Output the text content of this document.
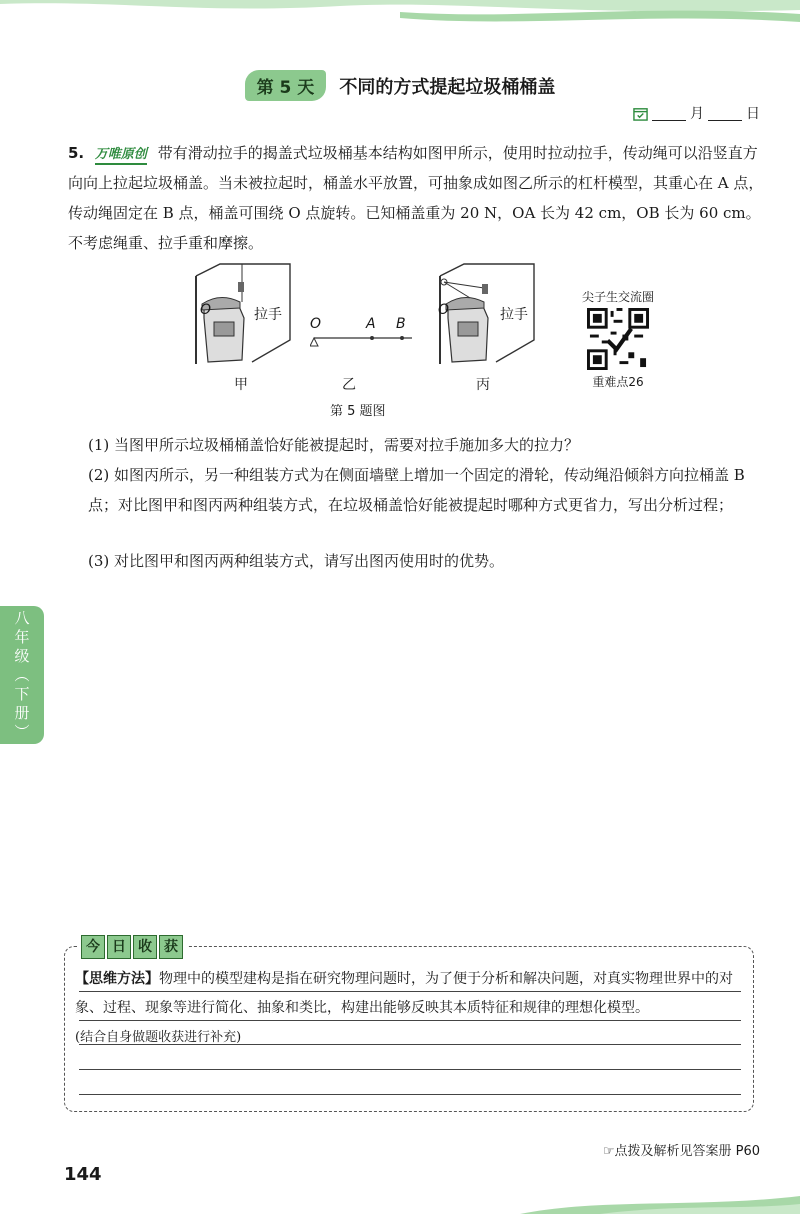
第 5 天 不同的方式提起垃圾桶桶盖
月	日
5. 万唯原创 带有滑动拉手的揭盖式垃圾桶基本结构如图甲所示，使用时拉动拉手，传动绳可以沿竖直方向向上拉起垃圾桶盖。当未被拉起时，桶盖水平放置，可抽象成如图乙所示的杠杆模型，其重心在 A 点，传动绳固定在 B 点，桶盖可围绕 O 点旋转。已知桶盖重为 20 N，OA 长为 42 cm，OB 长为 60 cm。不考虑绳重、拉手重和摩擦。
O	拉手
甲
O	A B
乙
O	拉手
丙
第 5 题图
尖子生交流圈
重难点26
(1) 当图甲所示垃圾桶桶盖恰好能被提起时，需要对拉手施加多大的拉力？
(2) 如图丙所示，另一种组装方式为在侧面墙壁上增加一个固定的滑轮，传动绳沿倾斜方向拉桶盖 B 点；对比图甲和图丙两种组装方式，在垃圾桶盖恰好能被提起时哪种方式更省力，写出分析过程；
(3) 对比图甲和图丙两种组装方式，请写出图丙使用时的优势。
八
年
级
︵
下
册
︶
今 日 收 获
【思维方法】物理中的模型建构是指在研究物理问题时，为了便于分析和解决问题，对真实物理世界中的对象、过程、现象等进行简化、抽象和类比，构建出能够反映其本质特征和规律的理想化模型。
(结合自身做题收获进行补充)
☞点拨及解析见答案册 P60
144
